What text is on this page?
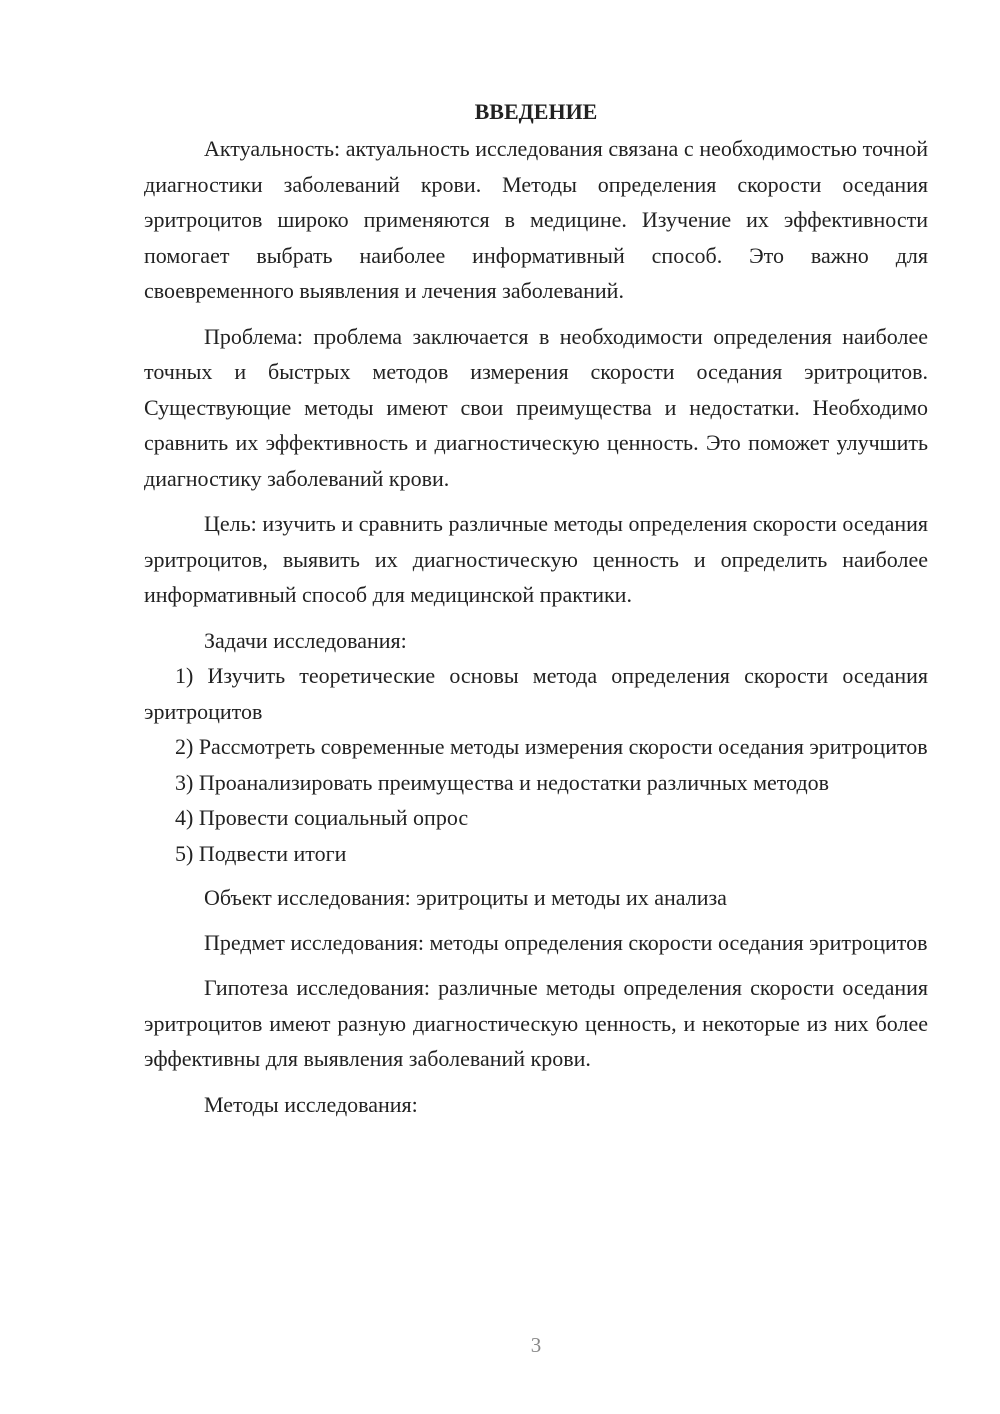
ВВЕДЕНИЕ

Актуальность: актуальность исследования связана с необходимостью точной диагностики заболеваний крови. Методы определения скорости оседания эритроцитов широко применяются в медицине. Изучение их эффективности помогает выбрать наиболее информативный способ. Это важно для своевременного выявления и лечения заболеваний.

Проблема: проблема заключается в необходимости определения наиболее точных и быстрых методов измерения скорости оседания эритроцитов. Существующие методы имеют свои преимущества и недостатки. Необходимо сравнить их эффективность и диагностическую ценность. Это поможет улучшить диагностику заболеваний крови.

Цель: изучить и сравнить различные методы определения скорости оседания эритроцитов, выявить их диагностическую ценность и определить наиболее информативный способ для медицинской практики.

Задачи исследования:

1) Изучить теоретические основы метода определения скорости оседания эритроцитов

2) Рассмотреть современные методы измерения скорости оседания эритроцитов

3) Проанализировать преимущества и недостатки различных методов

4) Провести социальный опрос

5) Подвести итоги

Объект исследования: эритроциты и методы их анализа

Предмет исследования: методы определения скорости оседания эритроцитов

Гипотеза исследования: различные методы определения скорости оседания эритроцитов имеют разную диагностическую ценность, и некоторые из них более эффективны для выявления заболеваний крови.

Методы исследования:

3
